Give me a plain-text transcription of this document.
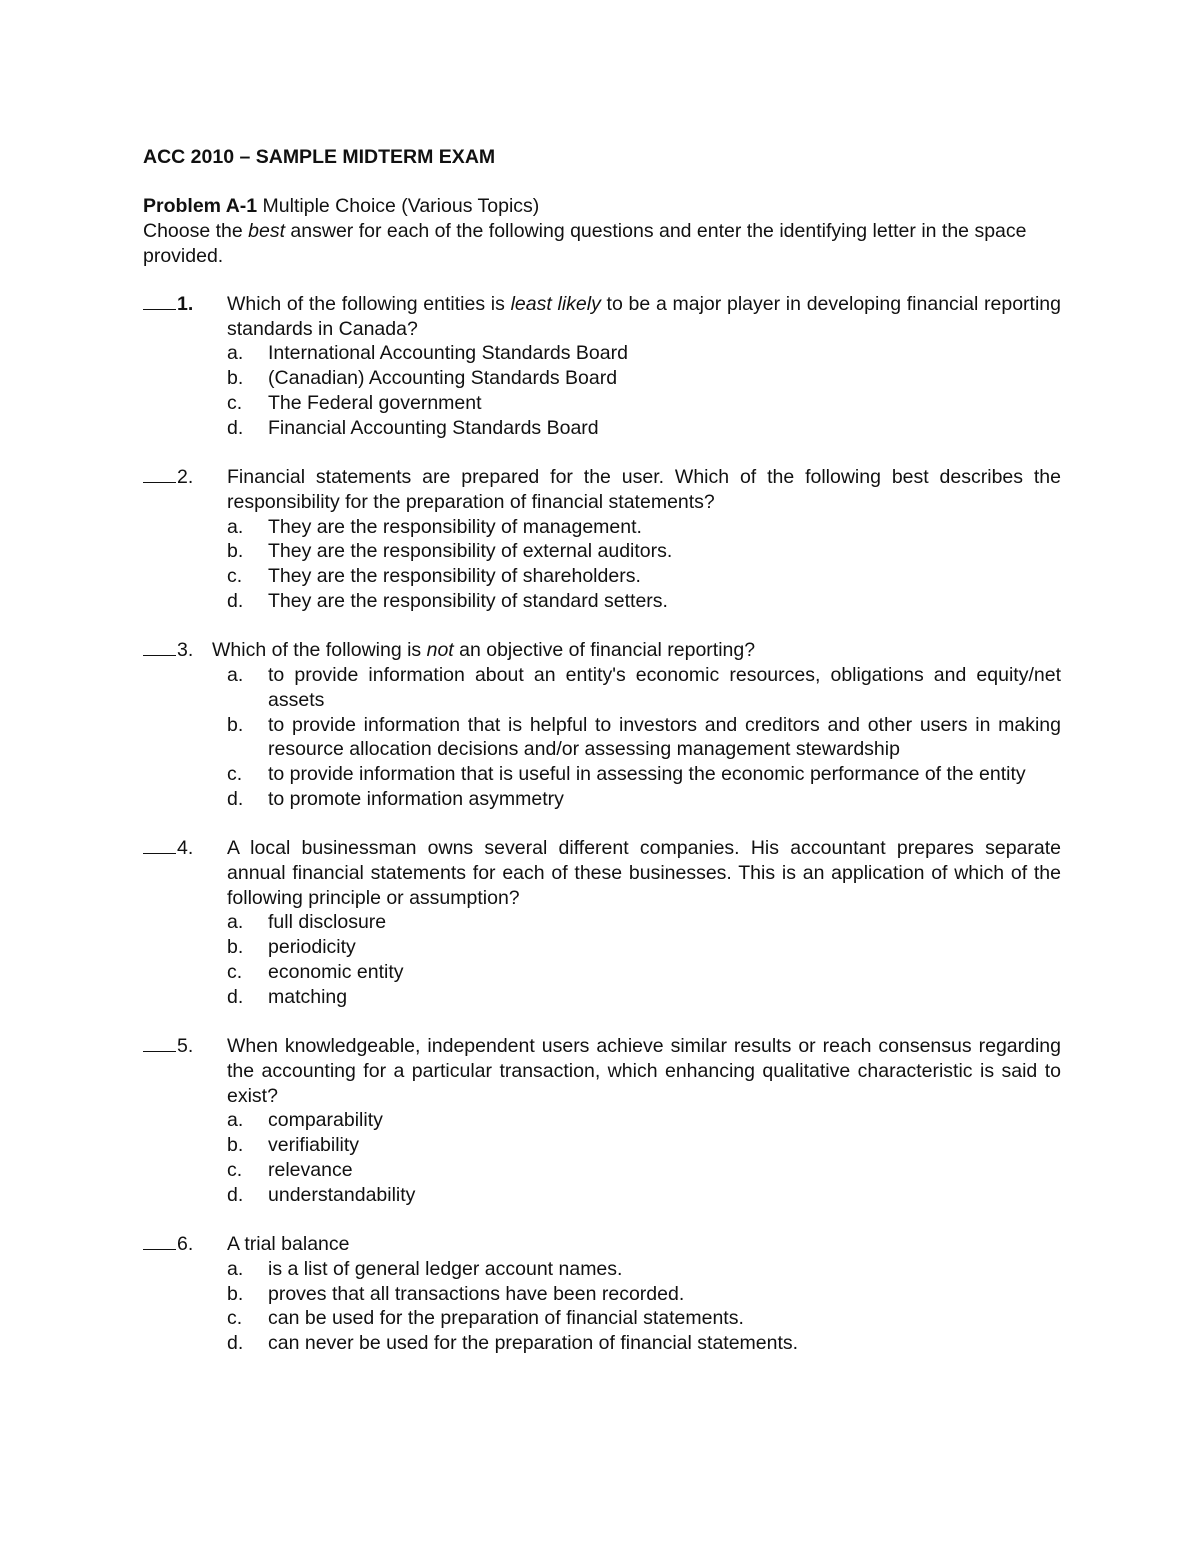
ACC 2010 – SAMPLE MIDTERM EXAM

Problem A-1 Multiple Choice (Various Topics)

Choose the best answer for each of the following questions and enter the identifying letter in the space provided.

1. Which of the following entities is least likely to be a major player in developing financial reporting standards in Canada?
a. International Accounting Standards Board
b. (Canadian) Accounting Standards Board
c. The Federal government
d. Financial Accounting Standards Board
2. Financial statements are prepared for the user. Which of the following best describes the responsibility for the preparation of financial statements?
a. They are the responsibility of management.
b. They are the responsibility of external auditors.
c. They are the responsibility of shareholders.
d. They are the responsibility of standard setters.
3. Which of the following is not an objective of financial reporting?
a. to provide information about an entity's economic resources, obligations and equity/net assets
b. to provide information that is helpful to investors and creditors and other users in making resource allocation decisions and/or assessing management stewardship
c. to provide information that is useful in assessing the economic performance of the entity
d. to promote information asymmetry
4. A local businessman owns several different companies. His accountant prepares separate annual financial statements for each of these businesses. This is an application of which of the following principle or assumption?
a. full disclosure
b. periodicity
c. economic entity
d. matching
5. When knowledgeable, independent users achieve similar results or reach consensus regarding the accounting for a particular transaction, which enhancing qualitative characteristic is said to exist?
a. comparability
b. verifiability
c. relevance
d. understandability
6. A trial balance
a. is a list of general ledger account names.
b. proves that all transactions have been recorded.
c. can be used for the preparation of financial statements.
d. can never be used for the preparation of financial statements.
